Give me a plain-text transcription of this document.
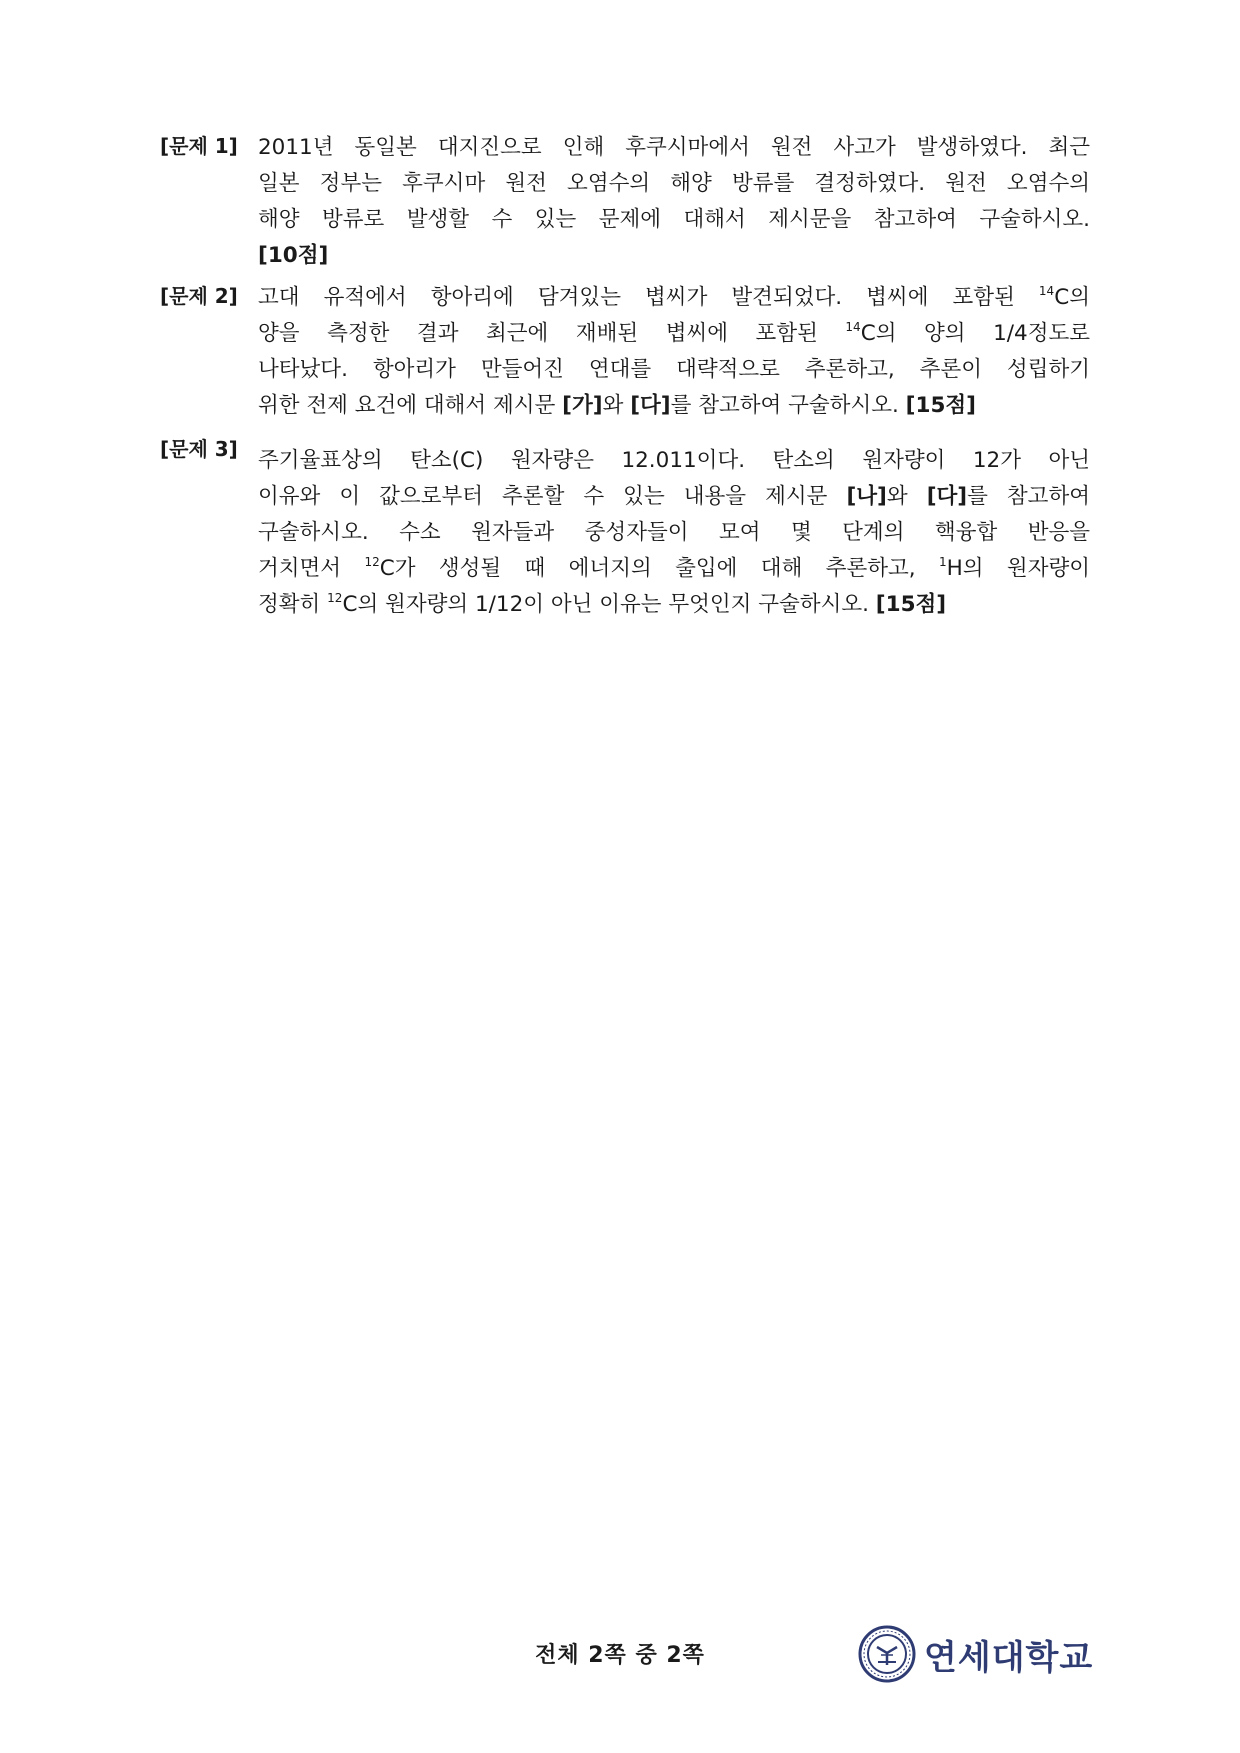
[문제 1] 2011년 동일본 대지진으로 인해 후쿠시마에서 원전 사고가 발생하였다. 최근
일본 정부는 후쿠시마 원전 오염수의 해양 방류를 결정하였다. 원전 오염수의
해양 방류로 발생할 수 있는 문제에 대해서 제시문을 참고하여 구술하시오.
[10점]
[문제 2] 고대 유적에서 항아리에 담겨있는 볍씨가 발견되었다. 볍씨에 포함된 $^{14}$C의
양을 측정한 결과 최근에 재배된 볍씨에 포함된 $^{14}$C의 양의 1/4정도로
나타났다. 항아리가 만들어진 연대를 대략적으로 추론하고, 추론이 성립하기
위한 전제 요건에 대해서 제시문 [가]와 [다]를 참고하여 구술하시오. [15점]
[문제 3] 주기율표상의 탄소(C) 원자량은 12.011이다. 탄소의 원자량이 12가 아닌
이유와 이 값으로부터 추론할 수 있는 내용을 제시문 [나]와 [다]를 참고하여
구술하시오. 수소 원자들과 중성자들이 모여 몇 단계의 핵융합 반응을
거치면서 $^{12}$C가 생성될 때 에너지의 출입에 대해 추론하고, $^1$H의 원자량이
정확히 $^{12}$C의 원자량의 1/12이 아닌 이유는 무엇인지 구술하시오. [15점]
전체 2쪽 중 2쪽	연세대학교
